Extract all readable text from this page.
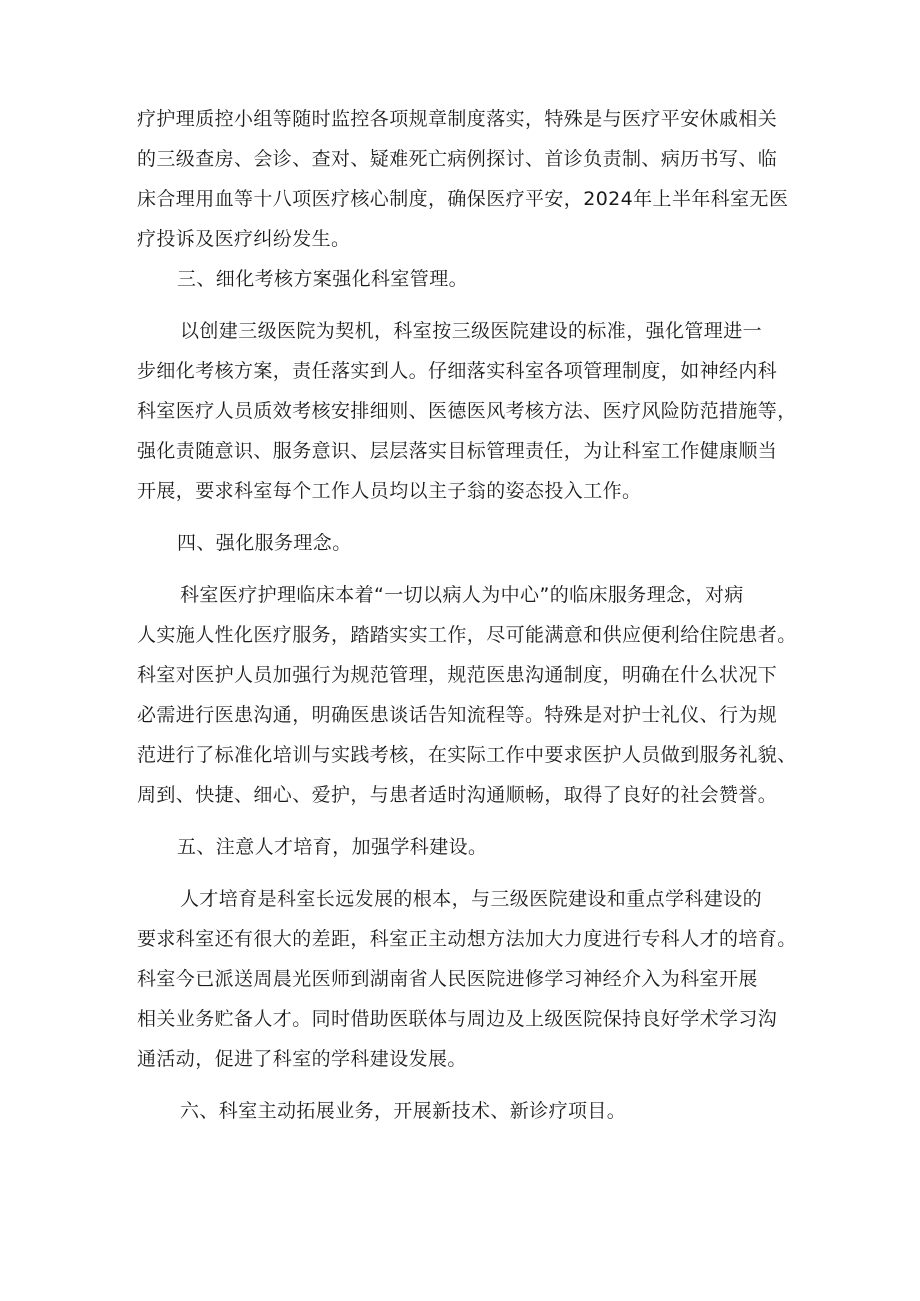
疗护理质控小组等随时监控各项规章制度落实，特殊是与医疗平安休戚相关
的三级查房、会诊、查对、疑难死亡病例探讨、首诊负责制、病历书写、临
床合理用血等十八项医疗核心制度，确保医疗平安，2024年上半年科室无医
疗投诉及医疗纠纷发生。
三、细化考核方案强化科室管理。
以创建三级医院为契机，科室按三级医院建设的标准，强化管理进一
步细化考核方案，责任落实到人。仔细落实科室各项管理制度，如神经内科
科室医疗人员质效考核安排细则、医德医风考核方法、医疗风险防范措施等，
强化责随意识、服务意识、层层落实目标管理责任，为让科室工作健康顺当
开展，要求科室每个工作人员均以主子翁的姿态投入工作。
四、强化服务理念。
科室医疗护理临床本着“一切以病人为中心”的临床服务理念，对病
人实施人性化医疗服务，踏踏实实工作，尽可能满意和供应便利给住院患者。
科室对医护人员加强行为规范管理，规范医患沟通制度，明确在什么状况下
必需进行医患沟通，明确医患谈话告知流程等。特殊是对护士礼仪、行为规
范进行了标准化培训与实践考核，在实际工作中要求医护人员做到服务礼貌、
周到、快捷、细心、爱护，与患者适时沟通顺畅，取得了良好的社会赞誉。
五、注意人才培育，加强学科建设。
人才培育是科室长远发展的根本，与三级医院建设和重点学科建设的
要求科室还有很大的差距，科室正主动想方法加大力度进行专科人才的培育。
科室今已派送周晨光医师到湖南省人民医院进修学习神经介入为科室开展
相关业务贮备人才。同时借助医联体与周边及上级医院保持良好学术学习沟
通活动，促进了科室的学科建设发展。
六、科室主动拓展业务，开展新技术、新诊疗项目。
